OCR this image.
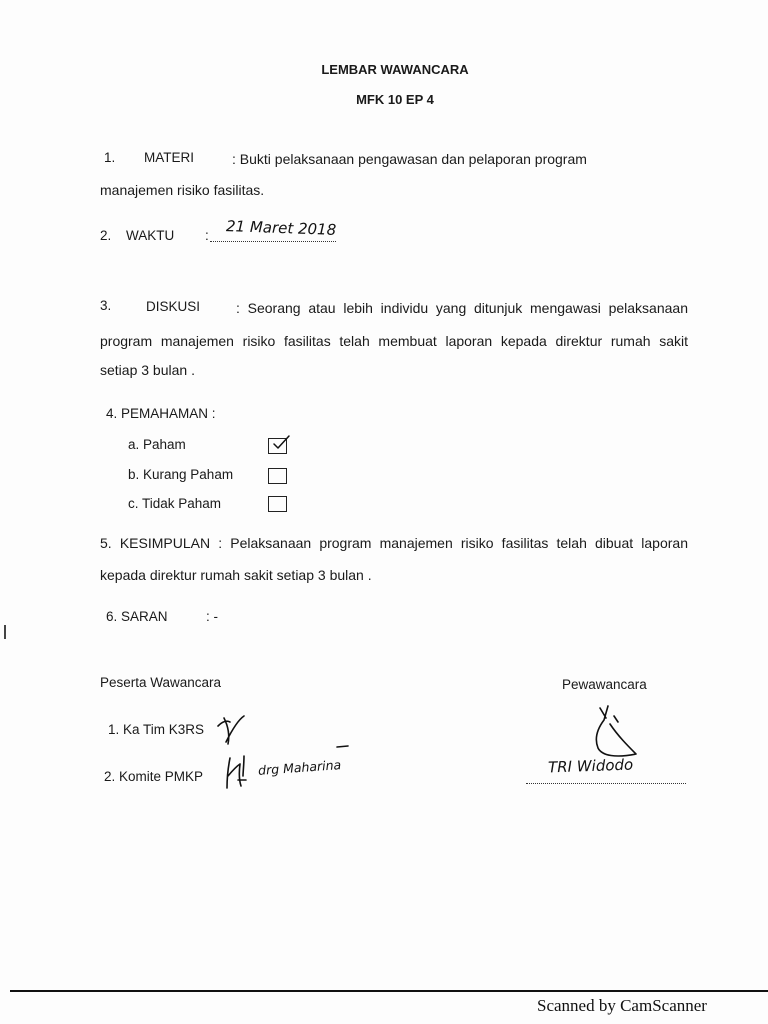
LEMBAR WAWANCARA
MFK 10 EP 4
1. MATERI	: Bukti pelaksanaan pengawasan dan pelaporan program
manajemen risiko fasilitas.
2. WAKTU : 21 Maret 2018
3.	DISKUSI	: Seorang atau lebih individu yang ditunjuk mengawasi pelaksanaan
program manajemen risiko fasilitas telah membuat laporan kepada direktur rumah sakit
setiap 3 bulan .
4. PEMAHAMAN :
a. Paham
b. Kurang Paham
c. Tidak Paham
5. KESIMPULAN : Pelaksanaan program manajemen risiko fasilitas telah dibuat laporan
kepada direktur rumah sakit setiap 3 bulan .
6. SARAN	: -
Peserta Wawancara	Pewawancara
1. Ka Tim K3RS
2. Komite PMKP	drg Maharina	TRI Widodo
Scanned by CamScanner
